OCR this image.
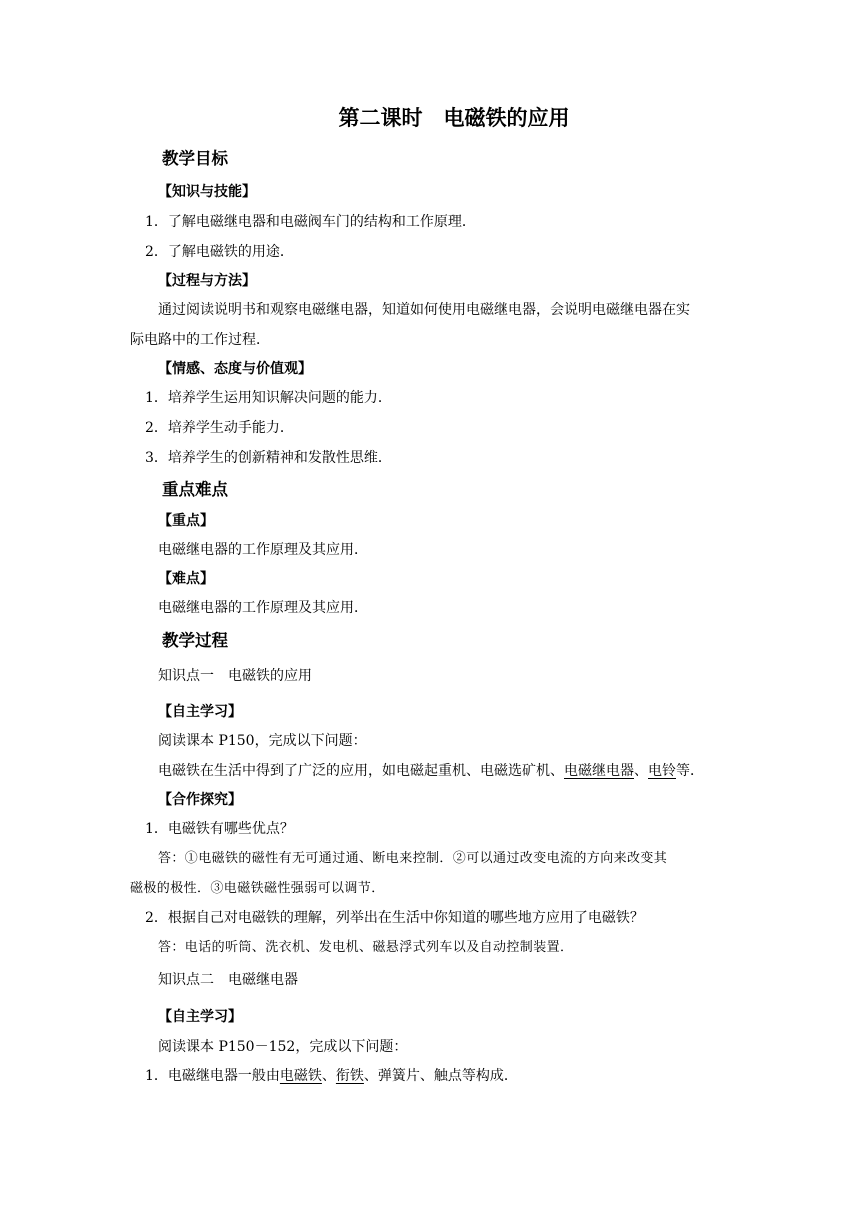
第二课时　电磁铁的应用
教学目标
【知识与技能】
1．了解电磁继电器和电磁阀车门的结构和工作原理．
2．了解电磁铁的用途．
【过程与方法】
通过阅读说明书和观察电磁继电器，知道如何使用电磁继电器，会说明电磁继电器在实
际电路中的工作过程．
【情感、态度与价值观】
1．培养学生运用知识解决问题的能力．
2．培养学生动手能力．
3．培养学生的创新精神和发散性思维．
重点难点
【重点】
电磁继电器的工作原理及其应用．
【难点】
电磁继电器的工作原理及其应用．
教学过程
知识点一　电磁铁的应用
【自主学习】
阅读课本 P150，完成以下问题：
电磁铁在生活中得到了广泛的应用，如电磁起重机、电磁选矿机、电磁继电器、电铃等．
【合作探究】
1．电磁铁有哪些优点？
答：①电磁铁的磁性有无可通过通、断电来控制．②可以通过改变电流的方向来改变其
磁极的极性．③电磁铁磁性强弱可以调节．
2．根据自己对电磁铁的理解，列举出在生活中你知道的哪些地方应用了电磁铁？
答：电话的听筒、洗衣机、发电机、磁悬浮式列车以及自动控制装置．
知识点二　电磁继电器
【自主学习】
阅读课本 P150－152，完成以下问题：
1．电磁继电器一般由电磁铁、衔铁、弹簧片、触点等构成．
